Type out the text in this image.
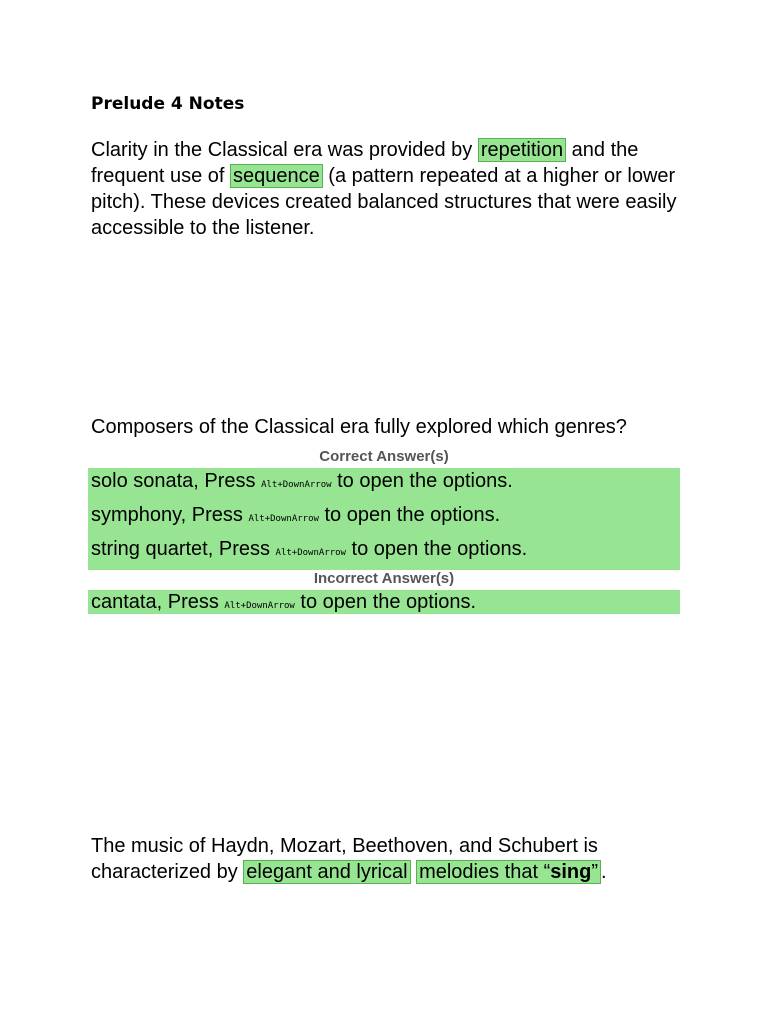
Prelude 4 Notes
Clarity in the Classical era was provided by repetition and the frequent use of sequence (a pattern repeated at a higher or lower pitch). These devices created balanced structures that were easily accessible to the listener.
Composers of the Classical era fully explored which genres?
Correct Answer(s)
solo sonata, Press Alt+DownArrow to open the options.
symphony, Press Alt+DownArrow to open the options.
string quartet, Press Alt+DownArrow to open the options.
Incorrect Answer(s)
cantata, Press Alt+DownArrow to open the options.
The music of Haydn, Mozart, Beethoven, and Schubert is characterized by elegant and lyrical melodies that “sing” .
